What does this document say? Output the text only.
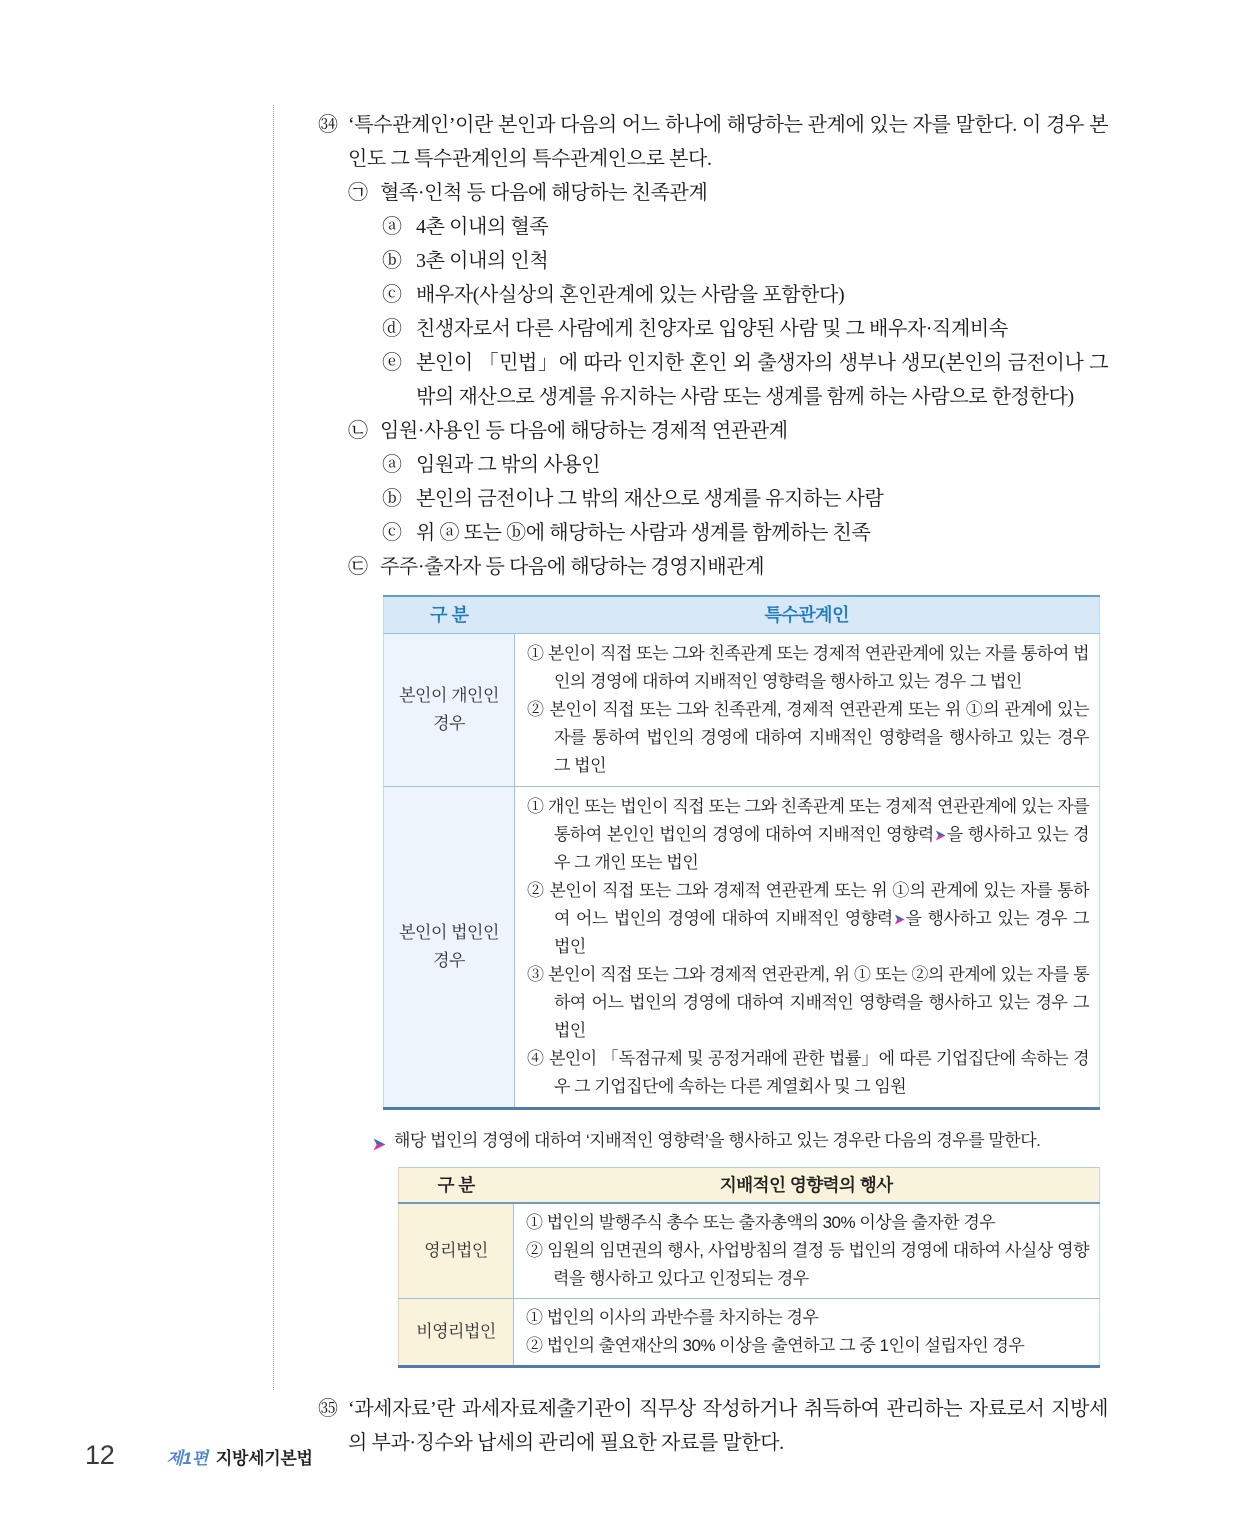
㉞ ‘특수관계인’이란 본인과 다음의 어느 하나에 해당하는 관계에 있는 자를 말한다. 이 경우 본인도 그 특수관계인의 특수관계인으로 본다.
㉠ 혈족·인척 등 다음에 해당하는 친족관계
ⓐ 4촌 이내의 혈족
ⓑ 3촌 이내의 인척
ⓒ 배우자(사실상의 혼인관계에 있는 사람을 포함한다)
ⓓ 친생자로서 다른 사람에게 친양자로 입양된 사람 및 그 배우자·직계비속
ⓔ 본인이 「민법」에 따라 인지한 혼인 외 출생자의 생부나 생모(본인의 금전이나 그 밖의 재산으로 생계를 유지하는 사람 또는 생계를 함께 하는 사람으로 한정한다)
㉡ 임원·사용인 등 다음에 해당하는 경제적 연관관계
ⓐ 임원과 그 밖의 사용인
ⓑ 본인의 금전이나 그 밖의 재산으로 생계를 유지하는 사람
ⓒ 위 ⓐ 또는 ⓑ에 해당하는 사람과 생계를 함께하는 친족
㉢ 주주·출자자 등 다음에 해당하는 경영지배관계
구 분	특수관계인
본인이 개인인 경우	① 본인이 직접 또는 그와 친족관계 또는 경제적 연관관계에 있는 자를 통하여 법인의 경영에 대하여 지배적인 영향력을 행사하고 있는 경우 그 법인

② 본인이 직접 또는 그와 친족관계, 경제적 연관관계 또는 위 ①의 관계에 있는 자를 통하여 법인의 경영에 대하여 지배적인 영향력을 행사하고 있는 경우 그 법인

본인이 법인인 경우	① 개인 또는 법인이 직접 또는 그와 친족관계 또는 경제적 연관관계에 있는 자를 통하여 본인인 법인의 경영에 대하여 지배적인 영향력 을 행사하고 있는 경우 그 개인 또는 법인

② 본인이 직접 또는 그와 경제적 연관관계 또는 위 ①의 관계에 있는 자를 통하여 어느 법인의 경영에 대하여 지배적인 영향력 을 행사하고 있는 경우 그 법인

③ 본인이 직접 또는 그와 경제적 연관관계, 위 ① 또는 ②의 관계에 있는 자를 통하여 어느 법인의 경영에 대하여 지배적인 영향력을 행사하고 있는 경우 그 법인

④ 본인이 「독점규제 및 공정거래에 관한 법률」에 따른 기업집단에 속하는 경우 그 기업집단에 속하는 다른 계열회사 및 그 임원

해당 법인의 경영에 대하여 ‘지배적인 영향력’을 행사하고 있는 경우란 다음의 경우를 말한다.
구 분	지배적인 영향력의 행사
영리법인	① 법인의 발행주식 총수 또는 출자총액의 30% 이상을 출자한 경우

② 임원의 임면권의 행사, 사업방침의 결정 등 법인의 경영에 대하여 사실상 영향력을 행사하고 있다고 인정되는 경우

비영리법인	① 법인의 이사의 과반수를 차지하는 경우

② 법인의 출연재산의 30% 이상을 출연하고 그 중 1인이 설립자인 경우

㉟ ‘과세자료’란 과세자료제출기관이 직무상 작성하거나 취득하여 관리하는 자료로서 지방세의 부과·징수와 납세의 관리에 필요한 자료를 말한다.
12	제1편 지방세기본법
